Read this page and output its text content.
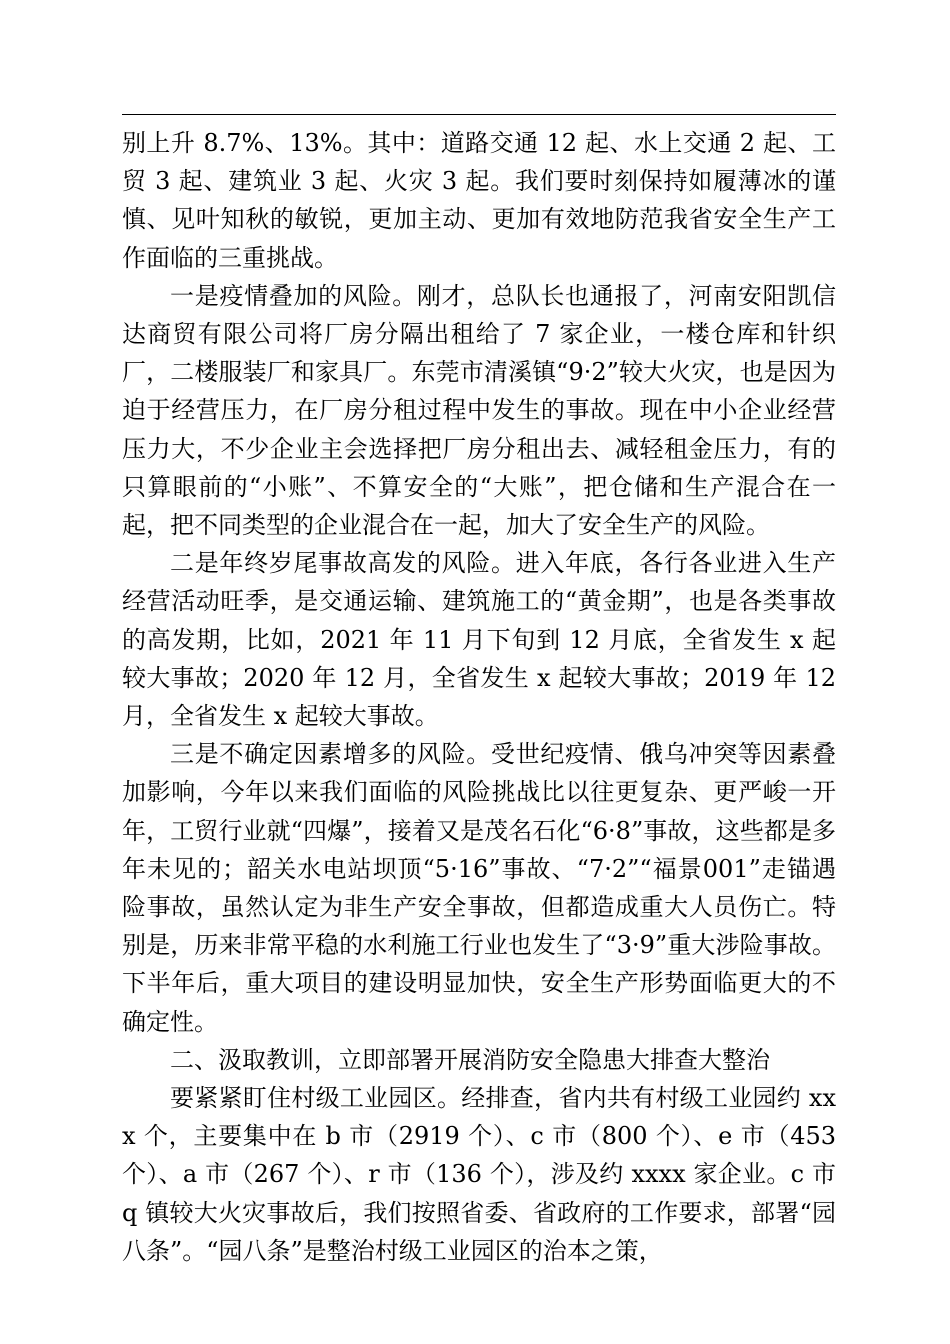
别上升 8.7%、13%。其中：道路交通 12 起、水上交通 2 起、工贸 3 起、建筑业 3 起、火灾 3 起。我们要时刻保持如履薄冰的谨慎、见叶知秋的敏锐，更加主动、更加有效地防范我省安全生产工作面临的三重挑战。

一是疫情叠加的风险。刚才，总队长也通报了，河南安阳凯信达商贸有限公司将厂房分隔出租给了 7 家企业，一楼仓库和针织厂，二楼服装厂和家具厂。东莞市清溪镇“9·2”较大火灾，也是因为迫于经营压力，在厂房分租过程中发生的事故。现在中小企业经营压力大，不少企业主会选择把厂房分租出去、减轻租金压力，有的只算眼前的“小账”、不算安全的“大账”，把仓储和生产混合在一起，把不同类型的企业混合在一起，加大了安全生产的风险。

二是年终岁尾事故高发的风险。进入年底，各行各业进入生产经营活动旺季，是交通运输、建筑施工的“黄金期”，也是各类事故的高发期，比如，2021 年 11 月下旬到 12 月底，全省发生 x 起较大事故；2020 年 12 月，全省发生 x 起较大事故；2019 年 12 月，全省发生 x 起较大事故。

三是不确定因素增多的风险。受世纪疫情、俄乌冲突等因素叠加影响，今年以来我们面临的风险挑战比以往更复杂、更严峻一开年，工贸行业就“四爆”，接着又是茂名石化“6·8”事故，这些都是多年未见的；韶关水电站坝顶“5·16”事故、“7·2”“福景001”走锚遇险事故，虽然认定为非生产安全事故，但都造成重大人员伤亡。特别是，历来非常平稳的水利施工行业也发生了“3·9”重大涉险事故。下半年后，重大项目的建设明显加快，安全生产形势面临更大的不确定性。

二、汲取教训，立即部署开展消防安全隐患大排查大整治

要紧紧盯住村级工业园区。经排查，省内共有村级工业园约 xxx 个，主要集中在 b 市（2919 个）、c 市（800 个）、e 市（453 个）、a 市（267 个）、r 市（136 个），涉及约 xxxx 家企业。c 市 q 镇较大火灾事故后，我们按照省委、省政府的工作要求，部署“园八条”。“园八条”是整治村级工业园区的治本之策，
